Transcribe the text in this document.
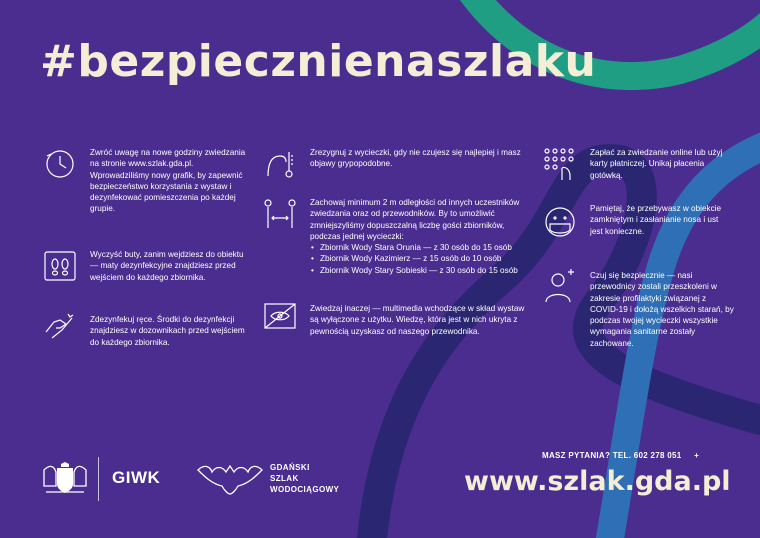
#bezpiecznienaszlaku

Zwróć uwagę na nowe godziny zwiedzania na stronie www.szlak.gda.pl. Wprowadziliśmy nowy grafik, by zapewnić bezpieczeństwo korzystania z wystaw i dezynfekować pomieszczenia po każdej grupie.

Wyczyść buty, zanim wejdziesz do obiektu — maty dezynfekcyjne znajdziesz przed wejściem do każdego zbiornika.

Zdezynfekuj ręce. Środki do dezynfekcji znajdziesz w dozownikach przed wejściem do każdego zbiornika.

Zrezygnuj z wycieczki, gdy nie czujesz się najlepiej i masz objawy grypopodobne.

Zachowaj minimum 2 m odległości od innych uczestników zwiedzania oraz od przewodników. By to umożliwić zmniejszyliśmy dopuszczalną liczbę gości zbiorników, podczas jednej wycieczki:

• Zbiornik Wody Stara Orunia — z 30 osób do 15 osób
• Zbiornik Wody Kazimierz — z 15 osób do 10 osób
• Zbiornik Wody Stary Sobieski — z 30 osób do 15 osób

Zwiedzaj inaczej — multimedia wchodzące w skład wystaw są wyłączone z użytku. Wiedzę, która jest w nich ukryta z pewnością uzyskasz od naszego przewodnika.

Zapłać za zwiedzanie online lub użyj karty płatniczej. Unikaj płacenia gotówką.

Pamiętaj, że przebywasz w obiekcie zamkniętym i zasłanianie nosa i ust jest konieczne.

Czuj się bezpiecznie — nasi przewodnicy zostali przeszkoleni w zakresie profilaktyki związanej z COVID-19 i dołożą wszelkich starań, by podczas twojej wycieczki wszystkie wymagania sanitarne zostały zachowane.

GIWK
GDAŃSKI
SZLAK
WODOCIĄGOWY
MASZ PYTANIA? TEL. 602 278 051 +
www.szlak.gda.pl
